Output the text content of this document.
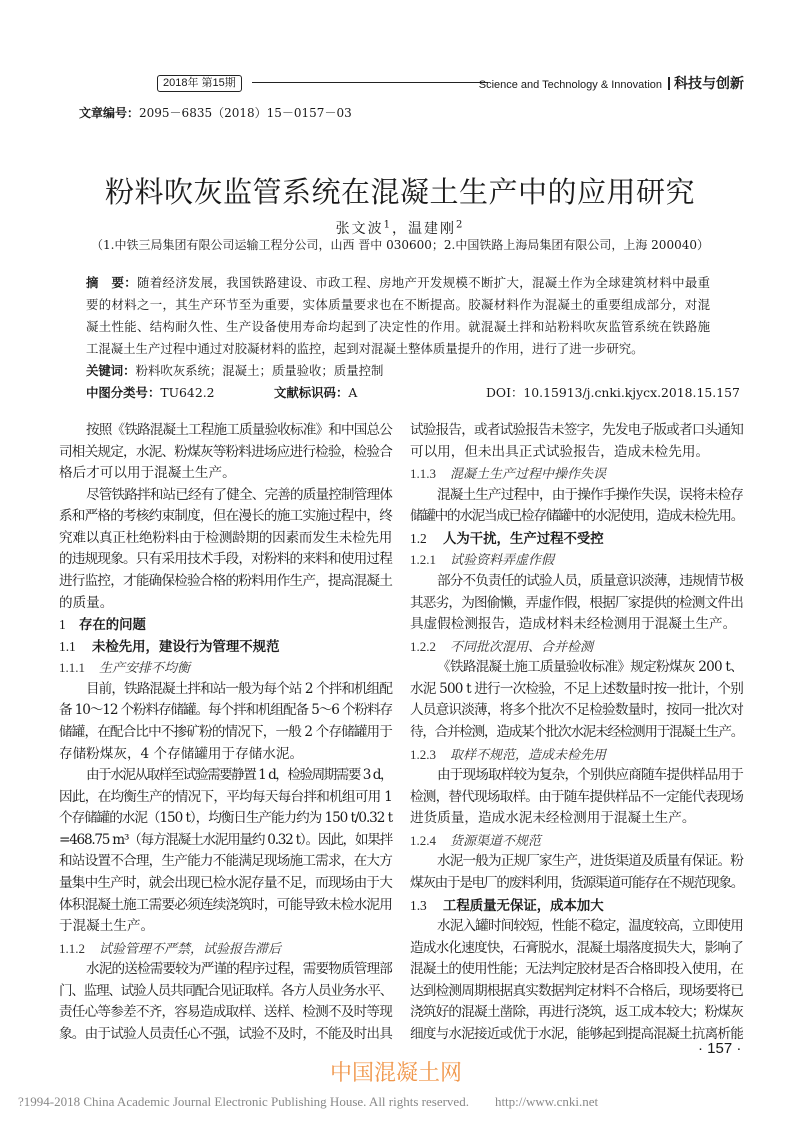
2018年 第15期	Science and Technology & Innovation 科技与创新
文章编号：2095－6835（2018）15－0157－03
粉料吹灰监管系统在混凝土生产中的应用研究
张文波$^1$，温建刚$^2$
（1.中铁三局集团有限公司运输工程分公司，山西 晋中 030600；2.中国铁路上海局集团有限公司，上海 200040）
摘　要：随着经济发展，我国铁路建设、市政工程、房地产开发规模不断扩大，混凝土作为全球建筑材料中最重
要的材料之一，其生产环节至为重要，实体质量要求也在不断提高。胶凝材料作为混凝土的重要组成部分，对混
凝土性能、结构耐久性、生产设备使用寿命均起到了决定性的作用。就混凝土拌和站粉料吹灰监管系统在铁路施
工混凝土生产过程中通过对胶凝材料的监控，起到对混凝土整体质量提升的作用，进行了进一步研究。
关键词：粉料吹灰系统；混凝土；质量验收；质量控制
中图分类号：TU642.2	文献标识码：A	DOI：10.15913/j.cnki.kjycx.2018.15.157
按照《铁路混凝土工程施工质量验收标准》和中国总公
司相关规定，水泥、粉煤灰等粉料进场应进行检验，检验合
格后才可以用于混凝土生产。
尽管铁路拌和站已经有了健全、完善的质量控制管理体
系和严格的考核约束制度，但在漫长的施工实施过程中，终
究难以真正杜绝粉料由于检测龄期的因素而发生未检先用
的违规现象。只有采用技术手段，对粉料的来料和使用过程
进行监控，才能确保检验合格的粉料用作生产，提高混凝土
的质量。
1 存在的问题
1.1 未检先用，建设行为管理不规范
1.1.1 生产安排不均衡
目前，铁路混凝土拌和站一般为每个站 2 个拌和机组配
备 10～12 个粉料存储罐。每个拌和机组配备 5～6 个粉料存
储罐，在配合比中不掺矿粉的情况下，一般 2 个存储罐用于
存储粉煤灰，4 个存储罐用于存储水泥。
由于水泥从取样至试验需要静置 1 d，检验周期需要 3 d，
因此，在均衡生产的情况下，平均每天每台拌和机组可用 1
个存储罐的水泥（150 t），均衡日生产能力约为 150 t/0.32 t
=468.75 m³（每方混凝土水泥用量约 0.32 t）。因此，如果拌
和站设置不合理，生产能力不能满足现场施工需求，在大方
量集中生产时，就会出现已检水泥存量不足，而现场由于大
体积混凝土施工需要必须连续浇筑时，可能导致未检水泥用
于混凝土生产。
1.1.2 试验管理不严禁，试验报告滞后
水泥的送检需要较为严谨的程序过程，需要物质管理部
门、监理、试验人员共同配合见证取样。各方人员业务水平、
责任心等参差不齐，容易造成取样、送样、检测不及时等现
象。由于试验人员责任心不强，试验不及时，不能及时出具
试验报告，或者试验报告未签字，先发电子版或者口头通知
可以用，但未出具正式试验报告，造成未检先用。
1.1.3 混凝土生产过程中操作失误
混凝土生产过程中，由于操作手操作失误，误将未检存
储罐中的水泥当成已检存储罐中的水泥使用，造成未检先用。
1.2 人为干扰，生产过程不受控
1.2.1 试验资料弄虚作假
部分不负责任的试验人员，质量意识淡薄，违规情节极
其恶劣，为图偷懒，弄虚作假，根据厂家提供的检测文件出
具虚假检测报告，造成材料未经检测用于混凝土生产。
1.2.2 不同批次混用、合并检测
《铁路混凝土施工质量验收标准》规定粉煤灰 200 t、
水泥 500 t 进行一次检验，不足上述数量时按一批计，个别
人员意识淡薄，将多个批次不足检验数量时，按同一批次对
待，合并检测，造成某个批次水泥未经检测用于混凝土生产。
1.2.3 取样不规范，造成未检先用
由于现场取样较为复杂，个别供应商随车提供样品用于
检测，替代现场取样。由于随车提供样品不一定能代表现场
进货质量，造成水泥未经检测用于混凝土生产。
1.2.4 货源渠道不规范
水泥一般为正规厂家生产，进货渠道及质量有保证。粉
煤灰由于是电厂的废料利用，货源渠道可能存在不规范现象。
1.3 工程质量无保证，成本加大
水泥入罐时间较短，性能不稳定，温度较高，立即使用
造成水化速度快，石膏脱水，混凝土塌落度损失大，影响了
混凝土的使用性能；无法判定胶材是否合格即投入使用，在
达到检测周期根据真实数据判定材料不合格后，现场要将已
浇筑好的混凝土凿除，再进行浇筑，返工成本较大；粉煤灰
细度与水泥接近或优于水泥，能够起到提高混凝土抗离析能
· 157 ·
中国混凝土网
?1994-2018 China Academic Journal Electronic Publishing House. All rights reserved. http://www.cnki.net
